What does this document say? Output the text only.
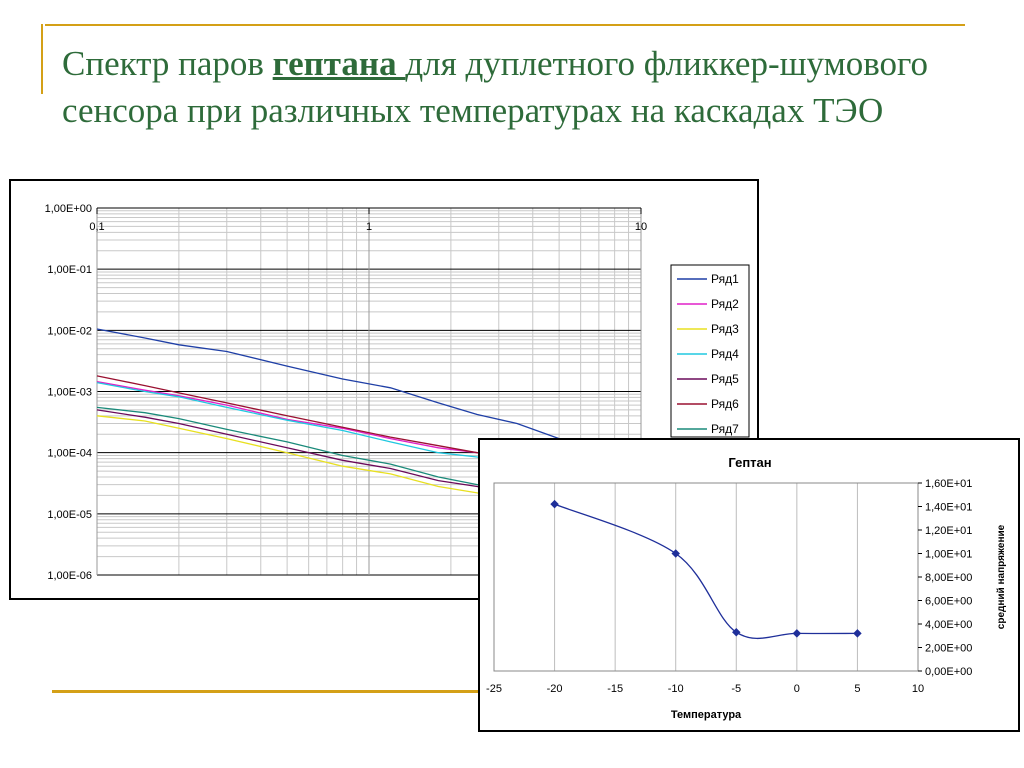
Спектр паров гептана для дуплетного фликкер-шумового сенсора при различных температурах на каскадах ТЭО
1,00E+00
1,00E-01
1,00E-02
1,00E-03
1,00E-04
1,00E-05
1,00E-06
0,1	1	10
Ряд1
Ряд2
Ряд3
Ряд4
Ряд5
Ряд6
Ряд7
Гептан
-25	-20	-15	-10	-5	0	5	10
0,00E+00
2,00E+00
4,00E+00
6,00E+00
8,00E+00
1,00E+01
1,20E+01
1,40E+01
1,60E+01
Температура
средний напряжение
